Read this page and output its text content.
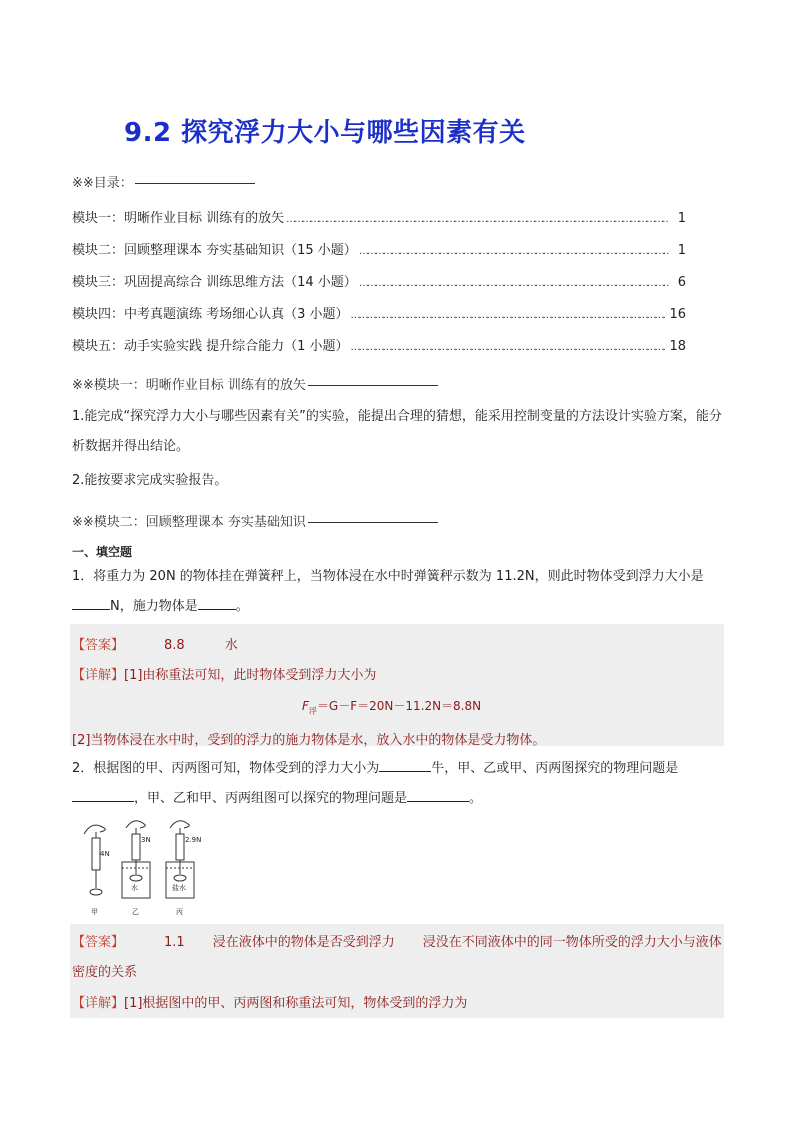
9.2 探究浮力大小与哪些因素有关
※※目录：
模块一：明晰作业目标 训练有的放矢 ……………………………………………………………………………………………………………………………………………………	1
模块二：回顾整理课本 夯实基础知识（15 小题） ……………………………………………………………………………………………………………………………………………………	1
模块三：巩固提高综合 训练思维方法（14 小题） ……………………………………………………………………………………………………………………………………………………	6
模块四：中考真题演练 考场细心认真（3 小题） ……………………………………………………………………………………………………………………………………………………	16
模块五：动手实验实践 提升综合能力（1 小题） ……………………………………………………………………………………………………………………………………………………	18
※※模块一：明晰作业目标 训练有的放矢
1.能完成“探究浮力大小与哪些因素有关”的实验，能提出合理的猜想，能采用控制变量的方法设计实验方案，能分析数据并得出结论。
2.能按要求完成实验报告。
※※模块二：回顾整理课本 夯实基础知识
一、填空题
1．将重力为 20N 的物体挂在弹簧秤上，当物体浸在水中时弹簧秤示数为 11.2N，则此时物体受到浮力大小是N，施力物体是	。
【答案】	8.8	水
【详解】[1]由称重法可知，此时物体受到浮力大小为
$F_浮=G-F=20N-11.2N=8.8N$
[2]当物体浸在水中时，受到的浮力的施力物体是水，放入水中的物体是受力物体。
2．根据图的甲、丙两图可知，物体受到的浮力大小为	牛，甲、乙或甲、丙两图探究的物理问题是，甲、乙和甲、丙两组图可以探究的物理问题是	。
4N
3N	2.9N
水	盐水
甲	乙	丙
【答案】	1.1 浸在液体中的物体是否受到浮力 浸没在不同液体中的同一物体所受的浮力大小与液体密度的关系
【详解】[1]根据图中的甲、丙两图和称重法可知，物体受到的浮力为
